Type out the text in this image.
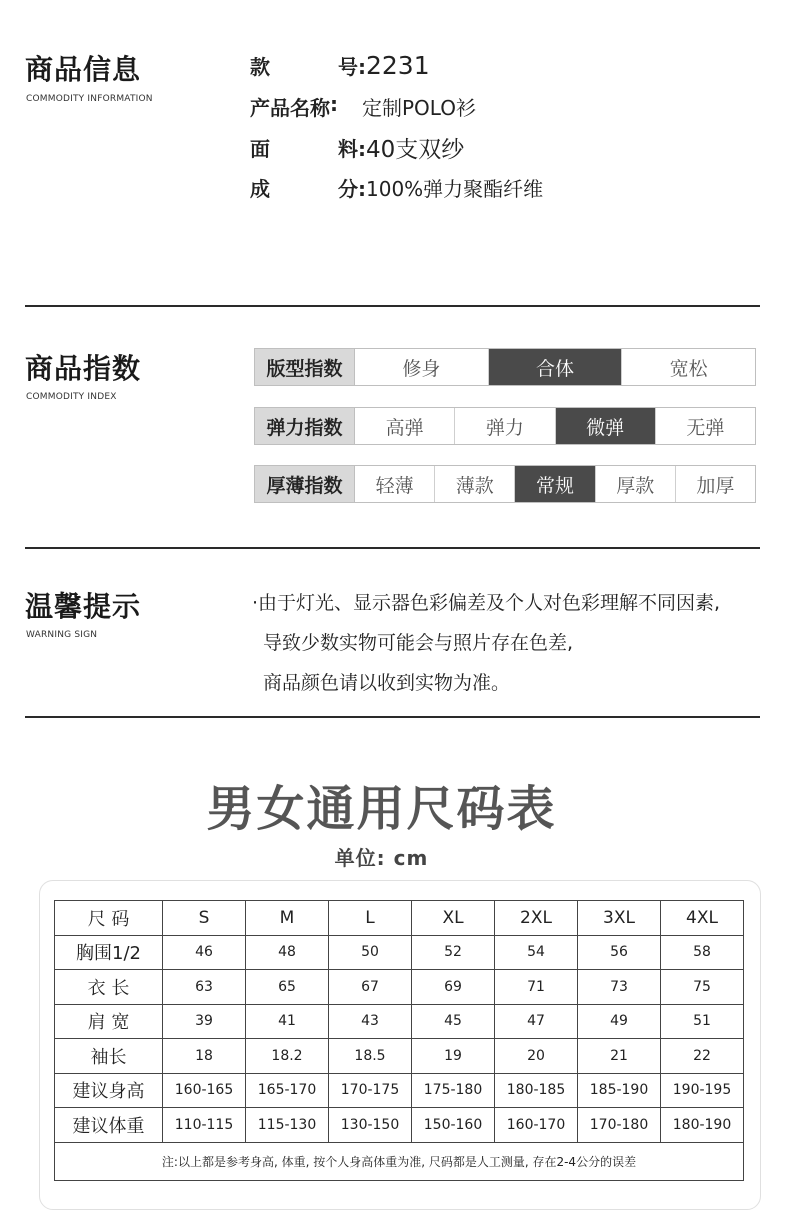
商品信息
COMMODITY INFORMATION
款	号: 2231
产品名称 : 定制POLO衫
面	料: 40支双纱
成	分: 100%弹力聚酯纤维
商品指数
COMMODITY INDEX
版型指数	修身	合体	宽松
弹力指数	高弹	弹力	微弹	无弹
厚薄指数	轻薄	薄款	常规	厚款	加厚
温馨提示
WARNING SIGN
·由于灯光、显示器色彩偏差及个人对色彩理解不同因素,
导致少数实物可能会与照片存在色差,
商品颜色请以收到实物为准。
男女通用尺码表
单位: cm
尺 码	S	M	L	XL	2XL	3XL	4XL
胸围1/2	46	48	50	52	54	56	58
衣 长	63	65	67	69	71	73	75
肩 宽	39	41	43	45	47	49	51
袖长	18	18.2	18.5	19	20	21	22
建议身高	160-165	165-170	170-175	175-180	180-185	185-190	190-195
建议体重	110-115	115-130	130-150	150-160	160-170	170-180	180-190
注:以上都是参考身高, 体重, 按个人身高体重为准, 尺码都是人工测量, 存在2-4公分的误差							
